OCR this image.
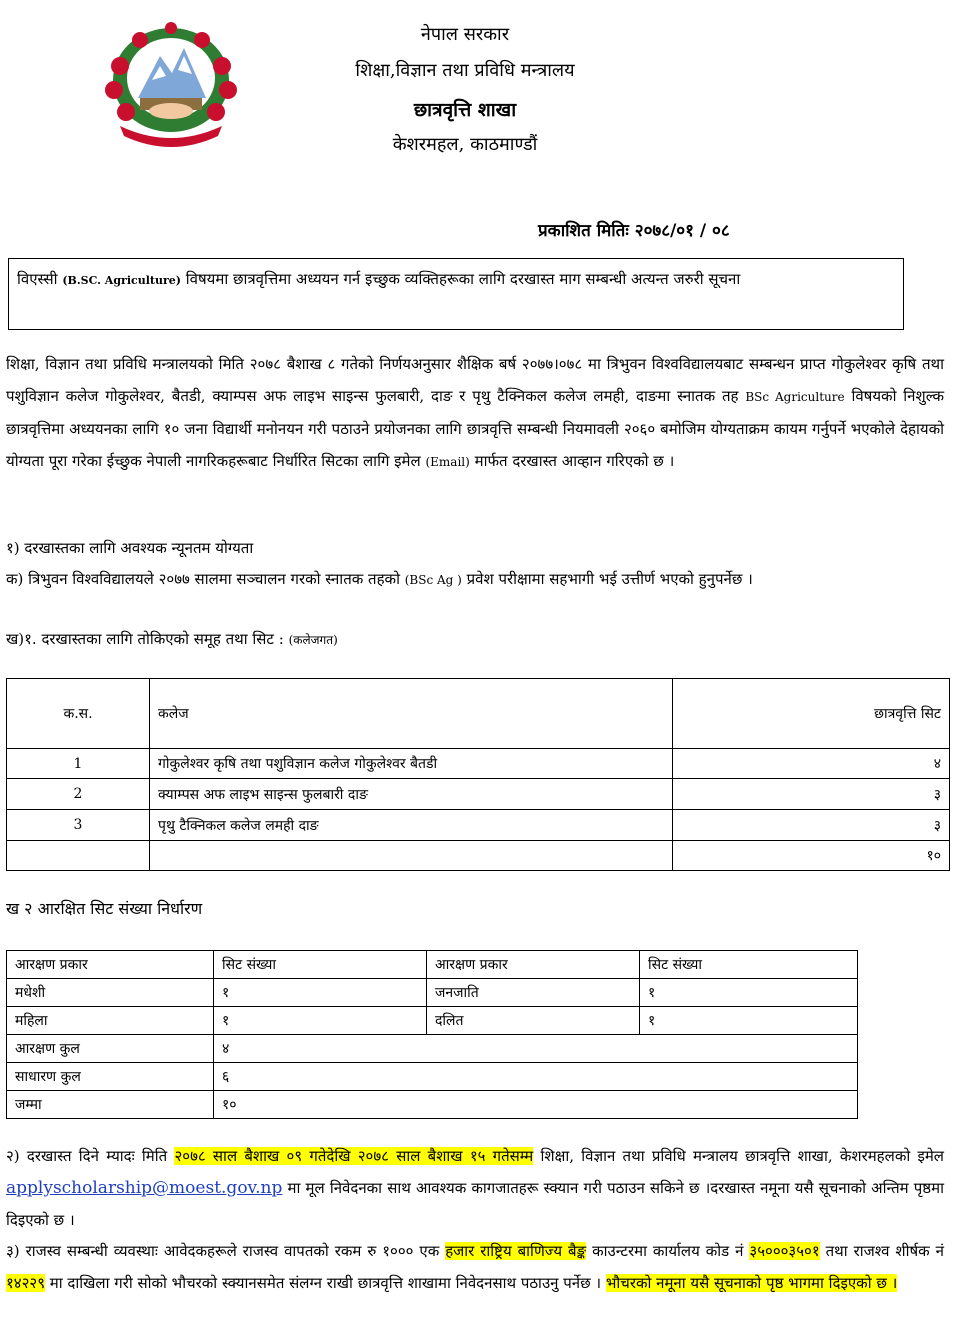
नेपाल सरकार
शिक्षा,विज्ञान तथा प्रविधि मन्त्रालय
छात्रवृत्ति शाखा
केशरमहल, काठमाण्डौं
प्रकाशित मितिः २०७८/०१ / ०८
विएस्सी (B.SC. Agriculture) विषयमा छात्रवृत्तिमा अध्ययन गर्न इच्छुक व्यक्तिहरूका लागि दरखास्त माग सम्बन्धी अत्यन्त जरुरी सूचना
शिक्षा, विज्ञान तथा प्रविधि मन्त्रालयको मिति २०७८ बैशाख ८ गतेको निर्णयअनुसार शैक्षिक बर्ष २०७७।०७८ मा त्रिभुवन विश्वविद्यालयबाट सम्बन्धन प्राप्त गोकुलेश्वर कृषि तथा पशुविज्ञान कलेज गोकुलेश्वर, बैतडी, क्याम्पस अफ लाइभ साइन्स फुलबारी, दाङ र पृथु टैक्निकल कलेज लमही, दाङमा स्नातक तह BSc Agriculture विषयको निशुल्क छात्रवृत्तिमा अध्ययनका लागि १० जना विद्यार्थी मनोनयन गरी पठाउने प्रयोजनका लागि छात्रवृत्ति सम्बन्धी नियमावली २०६० बमोजिम योग्यताक्रम कायम गर्नुपर्ने भएकोले देहायको योग्यता पूरा गरेका ईच्छुक नेपाली नागरिकहरूबाट निर्धारित सिटका लागि इमेल (Email) मार्फत दरखास्त आव्हान गरिएको छ ।
१) दरखास्तका लागि अवश्यक न्यूनतम योग्यता
क) त्रिभुवन विश्वविद्यालयले २०७७ सालमा सञ्चालन गरको स्नातक तहको (BSc Ag ) प्रवेश परीक्षामा सहभागी भई उत्तीर्ण भएको हुनुपर्नेछ ।
ख)१. दरखास्तका लागि तोकिएको समूह तथा सिट : (कलेजगत)
क.स.	कलेज	छात्रवृत्ति सिट
1	गोकुलेश्वर कृषि तथा पशुविज्ञान कलेज गोकुलेश्वर बैतडी	४
2	क्याम्पस अफ लाइभ साइन्स फुलबारी दाङ	३
3	पृथु टैक्निकल कलेज लमही दाङ	३
		१०
ख २ आरक्षित सिट संख्या निर्धारण
आरक्षण प्रकार	सिट संख्या	आरक्षण प्रकार	सिट संख्या
मधेशी	१	जनजाति	१
महिला	१	दलित	१
आरक्षण कुल	४		
साधारण कुल	६		
जम्मा	१०		
२) दरखास्त दिने म्यादः मिति २०७८ साल बैशाख ०९ गतेदेखि २०७८ साल बैशाख १५ गतेसम्म शिक्षा, विज्ञान तथा प्रविधि मन्त्रालय छात्रवृत्ति शाखा, केशरमहलको इमेल applyscholarship@moest.gov.np मा मूल निवेदनका साथ आवश्यक कागजातहरू स्क्यान गरी पठाउन सकिने छ ।दरखास्त नमूना यसै सूचनाको अन्तिम पृष्ठमा दिइएको छ ।
३) राजस्व सम्बन्धी व्यवस्थाः आवेदकहरूले राजस्व वापतको रकम रु १००० एक हजार राष्ट्रिय बाणिज्य बैङ्क काउन्टरमा कार्यालय कोड नं ३५०००३५०१ तथा राजश्व शीर्षक नं १४२२९ मा दाखिला गरी सोको भौचरको स्क्यानसमेत संलग्न राखी छात्रवृत्ति शाखामा निवेदनसाथ पठाउनु पर्नेछ । भौचरको नमूना यसै सूचनाको पृष्ठ भागमा दिइएको छ ।
